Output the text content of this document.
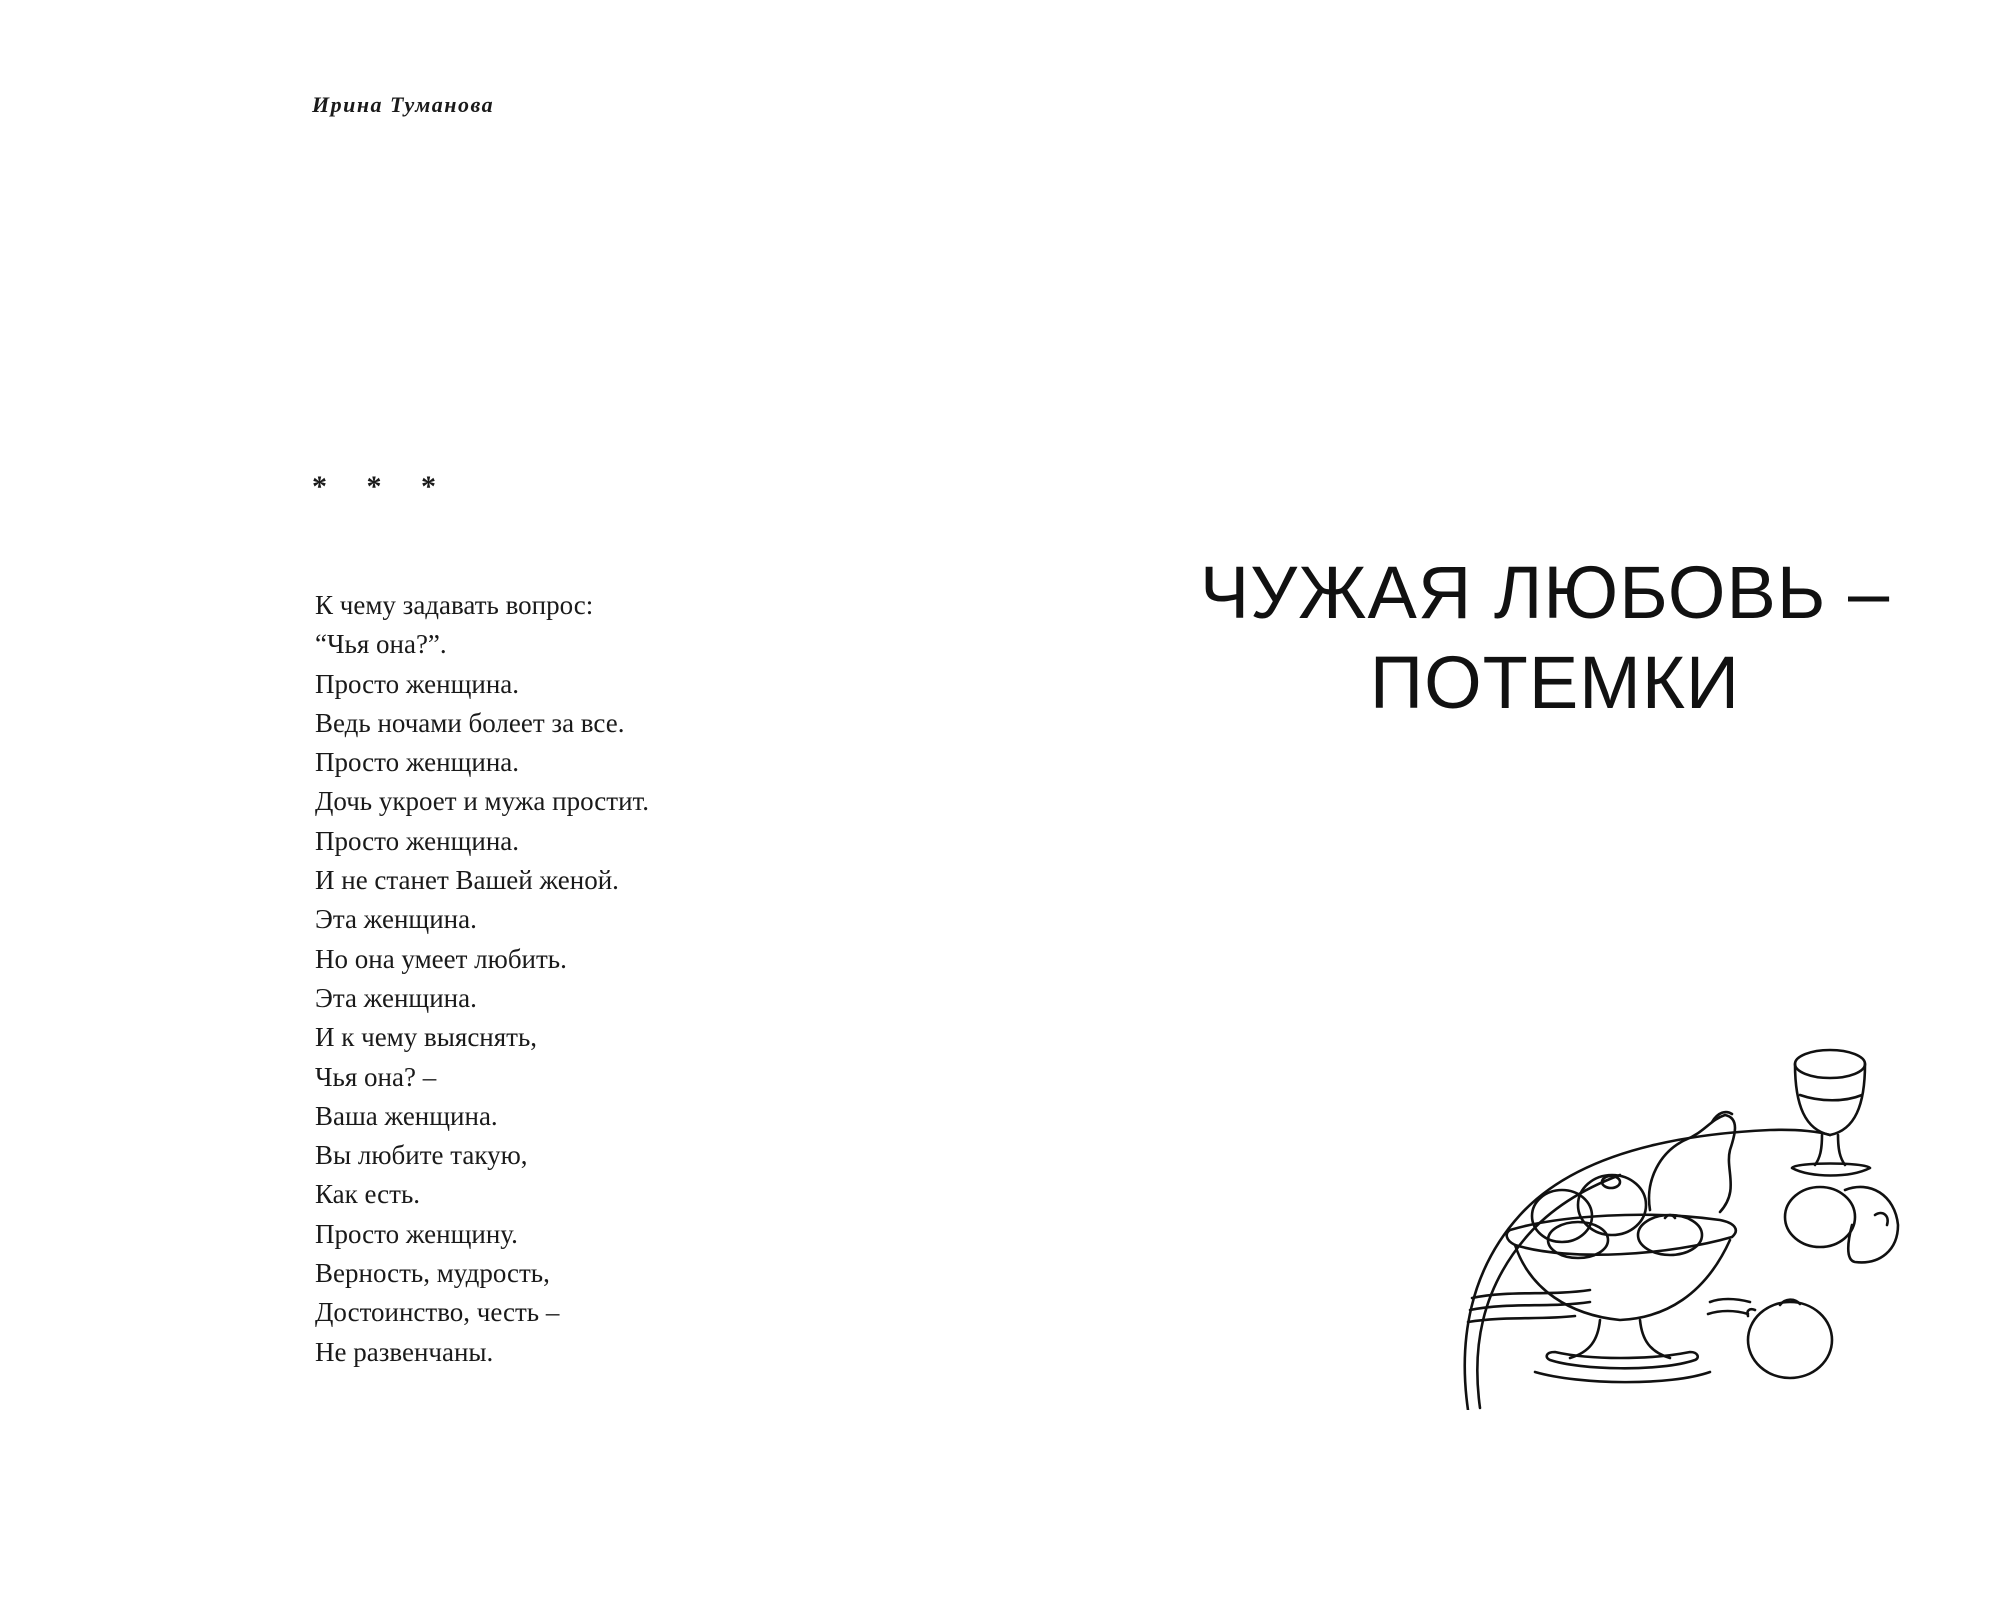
Ирина Туманова
* * *
К чему задавать вопрос:
“Чья она?”.
Просто женщина.
Ведь ночами болеет за все.
Просто женщина.
Дочь укроет и мужа простит.
Просто женщина.
И не станет Вашей женой.
Эта женщина.
Но она умеет любить.
Эта женщина.
И к чему выяснять,
Чья она? –
Ваша женщина.
Вы любите такую,
Как есть.
Просто женщину.
Верность, мудрость,
Достоинство, честь –
Не развенчаны.
ЧУЖАЯ ЛЮБОВЬ –
ПОТЕМКИ
